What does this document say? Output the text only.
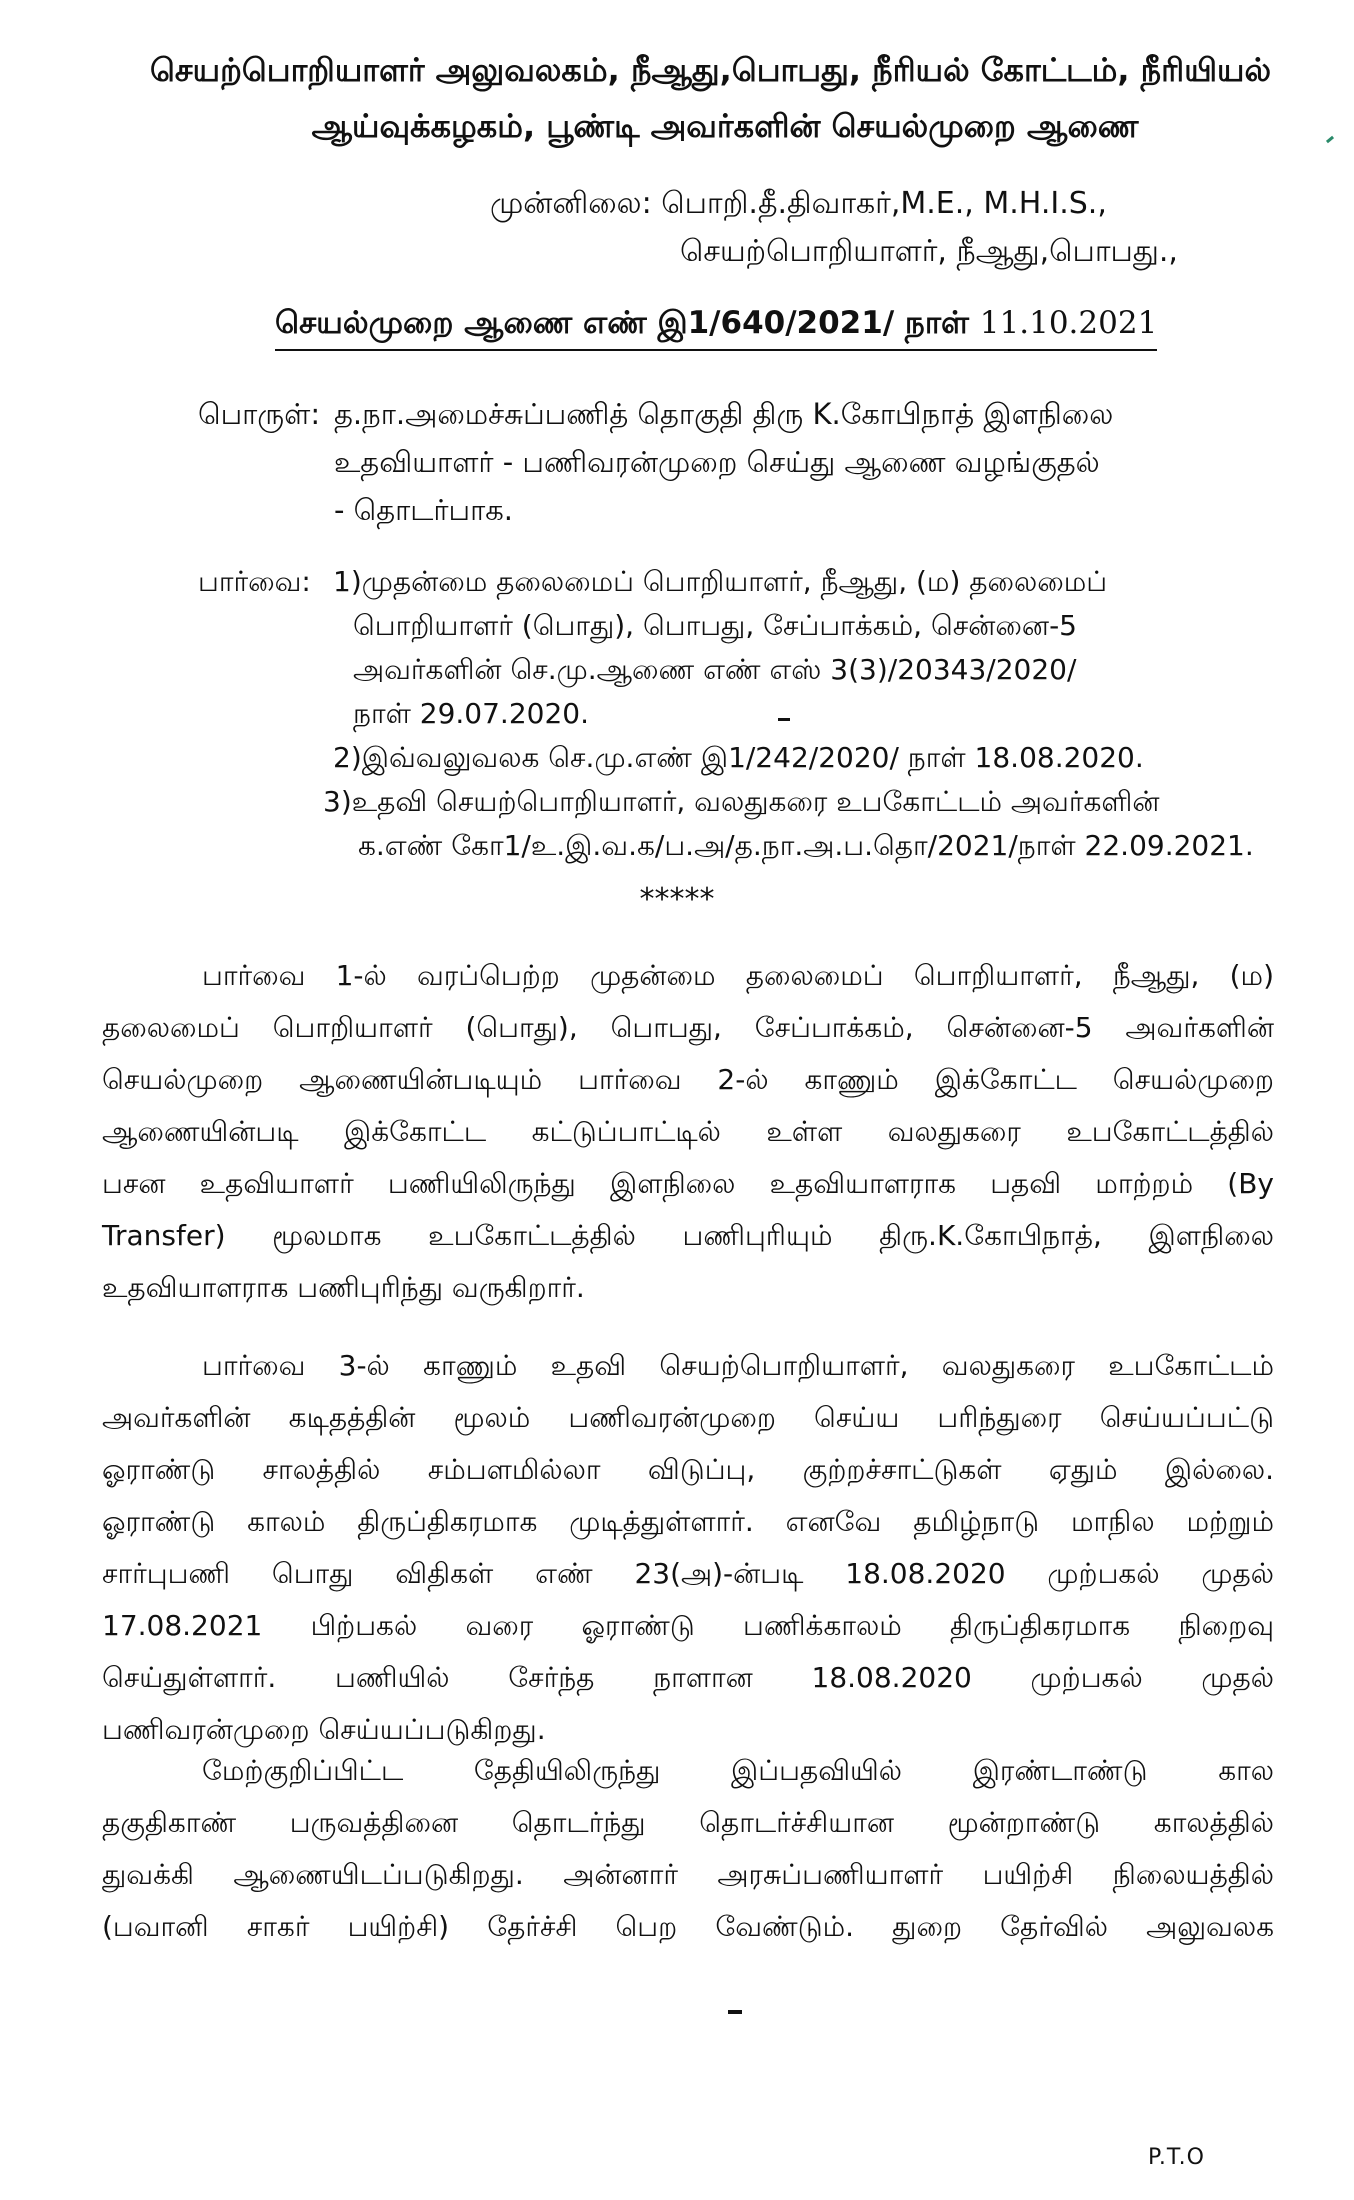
செயற்பொறியாளர் அலுவலகம், நீஆது,பொபது, நீரியல் கோட்டம், நீரியியல்
ஆய்வுக்கழகம், பூண்டி அவர்களின் செயல்முறை ஆணை
முன்னிலை: பொறி.தீ.திவாகர்,M.E., M.H.I.S.,
செயற்பொறியாளர், நீஆது,பொபது.,
செயல்முறை ஆணை எண் இ1/640/2021/ நாள் 11.10.2021
பொருள்: த.நா.அமைச்சுப்பணித் தொகுதி திரு K.கோபிநாத் இளநிலை
உதவியாளர் - பணிவரன்முறை செய்து ஆணை வழங்குதல்
- தொடர்பாக.
பார்வை: 1)முதன்மை தலைமைப் பொறியாளர், நீஆது, (ம) தலைமைப்
பொறியாளர் (பொது), பொபது, சேப்பாக்கம், சென்னை-5
அவர்களின் செ.மு.ஆணை எண் எஸ் 3(3)/20343/2020/
நாள் 29.07.2020.
2)இவ்வலுவலக செ.மு.எண் இ1/242/2020/ நாள் 18.08.2020.
3)உதவி செயற்பொறியாளர், வலதுகரை உபகோட்டம் அவர்களின்
க.எண் கோ1/உ.இ.வ.க/ப.அ/த.நா.அ.ப.தொ/2021/நாள் 22.09.2021.
*****
பார்வை 1-ல் வரப்பெற்ற முதன்மை தலைமைப் பொறியாளர், நீஆது, (ம)
தலைமைப் பொறியாளர் (பொது), பொபது, சேப்பாக்கம், சென்னை-5 அவர்களின்
செயல்முறை ஆணையின்படியும் பார்வை 2-ல் காணும் இக்கோட்ட செயல்முறை
ஆணையின்படி இக்கோட்ட கட்டுப்பாட்டில் உள்ள வலதுகரை உபகோட்டத்தில்
பசன உதவியாளர் பணியிலிருந்து இளநிலை உதவியாளராக பதவி மாற்றம் (By
Transfer) மூலமாக உபகோட்டத்தில் பணிபுரியும் திரு.K.கோபிநாத், இளநிலை
உதவியாளராக பணிபுரிந்து வருகிறார்.
பார்வை 3-ல் காணும் உதவி செயற்பொறியாளர், வலதுகரை உபகோட்டம்
அவர்களின் கடிதத்தின் மூலம் பணிவரன்முறை செய்ய பரிந்துரை செய்யப்பட்டு
ஓராண்டு சாலத்தில் சம்பளமில்லா விடுப்பு, குற்றச்சாட்டுகள் ஏதும் இல்லை.
ஓராண்டு காலம் திருப்திகரமாக முடித்துள்ளார். எனவே தமிழ்நாடு மாநில மற்றும்
சார்புபணி பொது விதிகள் எண் 23(அ)-ன்படி 18.08.2020 முற்பகல் முதல்
17.08.2021 பிற்பகல் வரை ஓராண்டு பணிக்காலம் திருப்திகரமாக நிறைவு
செய்துள்ளார். பணியில் சேர்ந்த நாளான 18.08.2020 முற்பகல் முதல்
பணிவரன்முறை செய்யப்படுகிறது.
மேற்குறிப்பிட்ட தேதியிலிருந்து இப்பதவியில் இரண்டாண்டு கால
தகுதிகாண் பருவத்தினை தொடர்ந்து தொடர்ச்சியான மூன்றாண்டு காலத்தில்
துவக்கி ஆணையிடப்படுகிறது. அன்னார் அரசுப்பணியாளர் பயிற்சி நிலையத்தில்
(பவானி சாகர் பயிற்சி) தேர்ச்சி பெற வேண்டும். துறை தேர்வில் அலுவலக
P.T.O
